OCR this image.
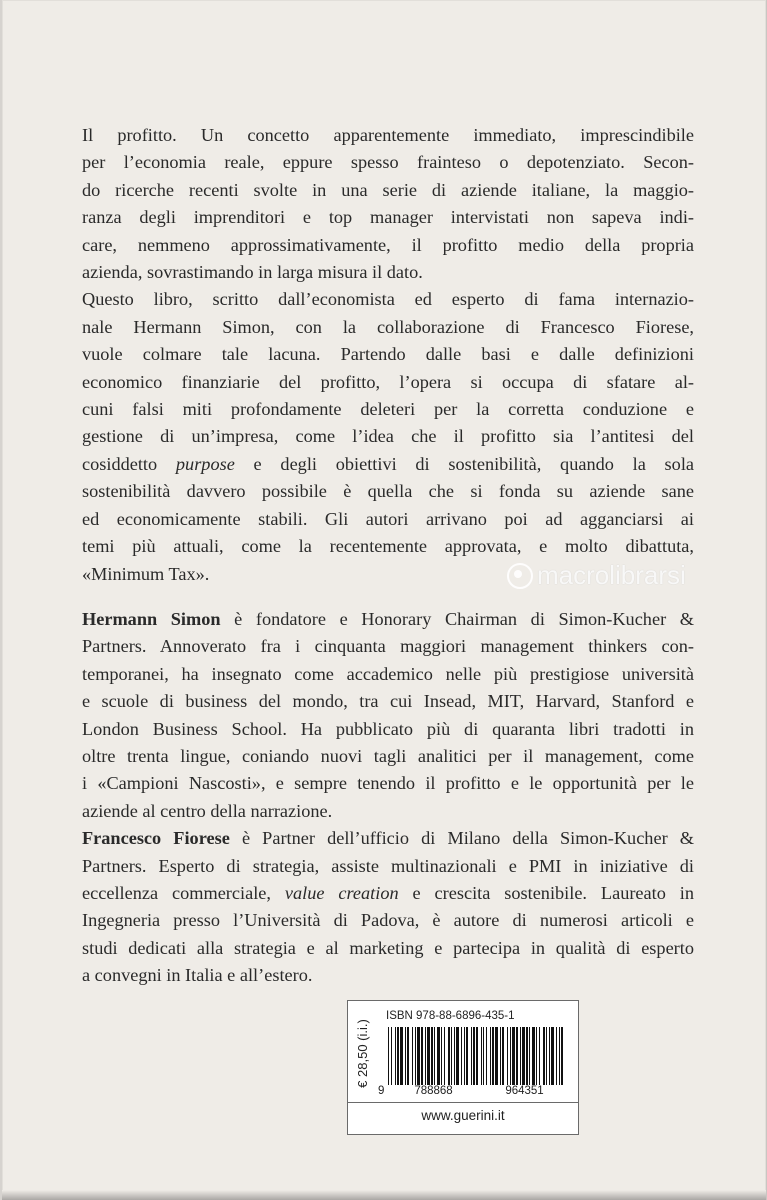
Il profitto. Un concetto apparentemente immediato, imprescindibile
per l’economia reale, eppure spesso frainteso o depotenziato. Secon-
do ricerche recenti svolte in una serie di aziende italiane, la maggio-
ranza degli imprenditori e top manager intervistati non sapeva indi-
care, nemmeno approssimativamente, il profitto medio della propria
azienda, sovrastimando in larga misura il dato.
Questo libro, scritto dall’economista ed esperto di fama internazio-
nale Hermann Simon, con la collaborazione di Francesco Fiorese,
vuole colmare tale lacuna. Partendo dalle basi e dalle definizioni
economico finanziarie del profitto, l’opera si occupa di sfatare al-
cuni falsi miti profondamente deleteri per la corretta conduzione e
gestione di un’impresa, come l’idea che il profitto sia l’antitesi del
cosiddetto purpose e degli obiettivi di sostenibilità, quando la sola
sostenibilità davvero possibile è quella che si fonda su aziende sane
ed economicamente stabili. Gli autori arrivano poi ad agganciarsi ai
temi più attuali, come la recentemente approvata, e molto dibattuta,
«Minimum Tax».	macrolibrarsi
Hermann Simon è fondatore e Honorary Chairman di Simon-Kucher &
Partners. Annoverato fra i cinquanta maggiori management thinkers con-
temporanei, ha insegnato come accademico nelle più prestigiose università
e scuole di business del mondo, tra cui Insead, MIT, Harvard, Stanford e
London Business School. Ha pubblicato più di quaranta libri tradotti in
oltre trenta lingue, coniando nuovi tagli analitici per il management, come
i «Campioni Nascosti», e sempre tenendo il profitto e le opportunità per le
aziende al centro della narrazione.
Francesco Fiorese è Partner dell’ufficio di Milano della Simon-Kucher &
Partners. Esperto di strategia, assiste multinazionali e PMI in iniziative di
eccellenza commerciale, value creation e crescita sostenibile. Laureato in
Ingegneria presso l’Università di Padova, è autore di numerosi articoli e
studi dedicati alla strategia e al marketing e partecipa in qualità di esperto
a convegni in Italia e all’estero.
€ 28,50 (i.i.)
ISBN 978-88-6896-435-1
9	788868	964351
www.guerini.it
